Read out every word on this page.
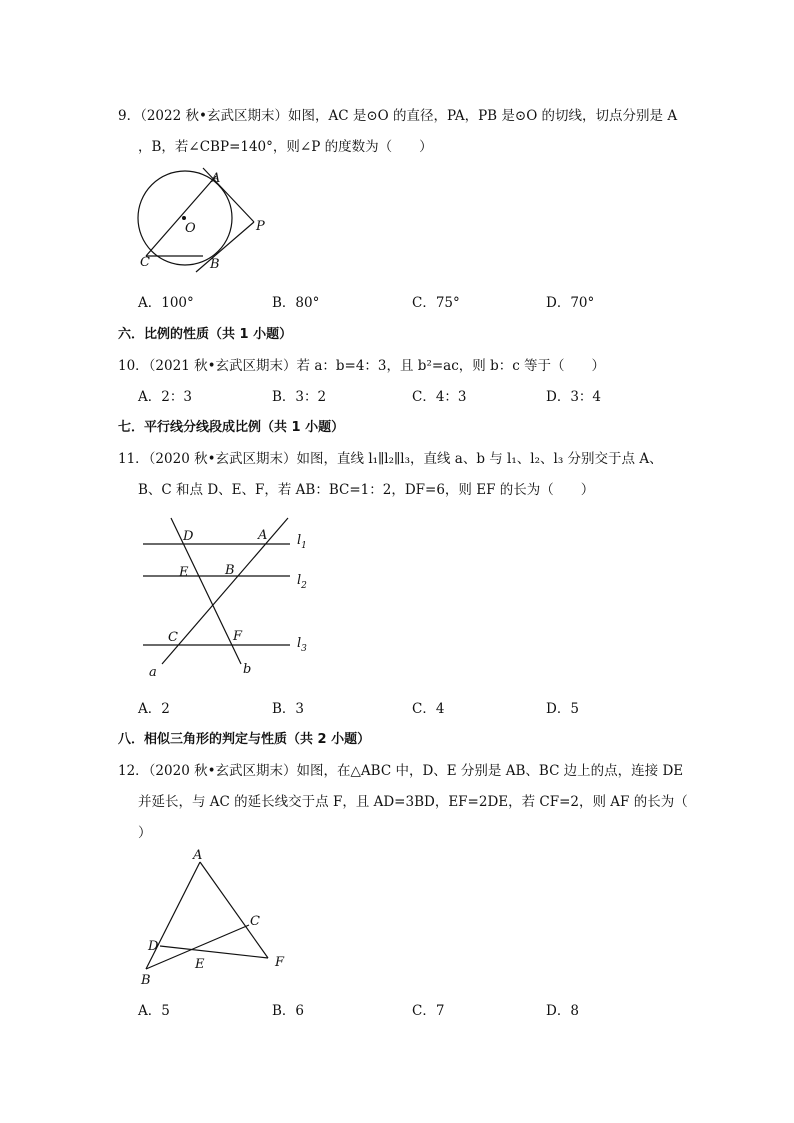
9．（2022 秋•玄武区期末）如图，AC 是⊙O 的直径，PA，PB 是⊙O 的切线，切点分别是 A
，B，若∠CBP=140°，则∠P 的度数为（　　）
A
O	P
C	B
A．100°	B．80°	C．75°	D．70°
六．比例的性质（共 1 小题）
10．（2021 秋•玄武区期末）若 a：b=4：3，且 b²=ac，则 b：c 等于（　　）
A．2：3	B．3：2	C．4：3	D．3：4
七．平行线分线段成比例（共 1 小题）
11．（2020 秋•玄武区期末）如图，直线 l₁∥l₂∥l₃，直线 a、b 与 l₁、l₂、l₃ 分别交于点 A、
B、C 和点 D、E、F，若 AB：BC=1：2，DF=6，则 EF 的长为（　　）
D	A
E	B
C	F
a	b
$l_1$
$l_2$
$l_3$
A．2	B．3	C．4	D．5
八．相似三角形的判定与性质（共 2 小题）
12．（2020 秋•玄武区期末）如图，在△ABC 中，D、E 分别是 AB、BC 边上的点，连接 DE
并延长，与 AC 的延长线交于点 F，且 AD=3BD，EF=2DE，若 CF=2，则 AF 的长为（
）
A
C
D
E	F
B
A．5	B．6	C．7	D．8
